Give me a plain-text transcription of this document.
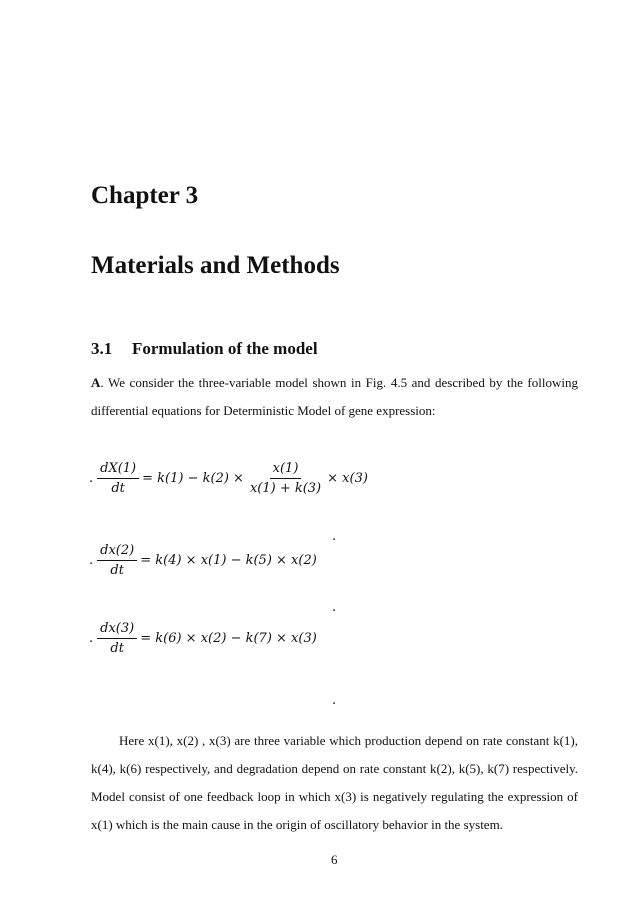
Chapter 3
Materials and Methods
3.1 Formulation of the model

A. We consider the three-variable model shown in Fig. 4.5 and described by the following differential equations for Deterministic Model of gene expression:

. $\frac{dX(1)}{dt} = k(1) - k(2) \times \frac{x(1)}{x(1) + k(3)} \times x(3)$
.
. $\frac{dx(2)}{dt} = k(4) \times x(1) - k(5) \times x(2)$
.
. $\frac{dx(3)}{dt} = k(6) \times x(2) - k(7) \times x(3)$
.

Here x(1), x(2) , x(3) are three variable which production depend on rate constant k(1), k(4), k(6) respectively, and degradation depend on rate constant k(2), k(5), k(7) respectively. Model consist of one feedback loop in which x(3) is negatively regulating the expression of x(1) which is the main cause in the origin of oscillatory behavior in the system.

6
